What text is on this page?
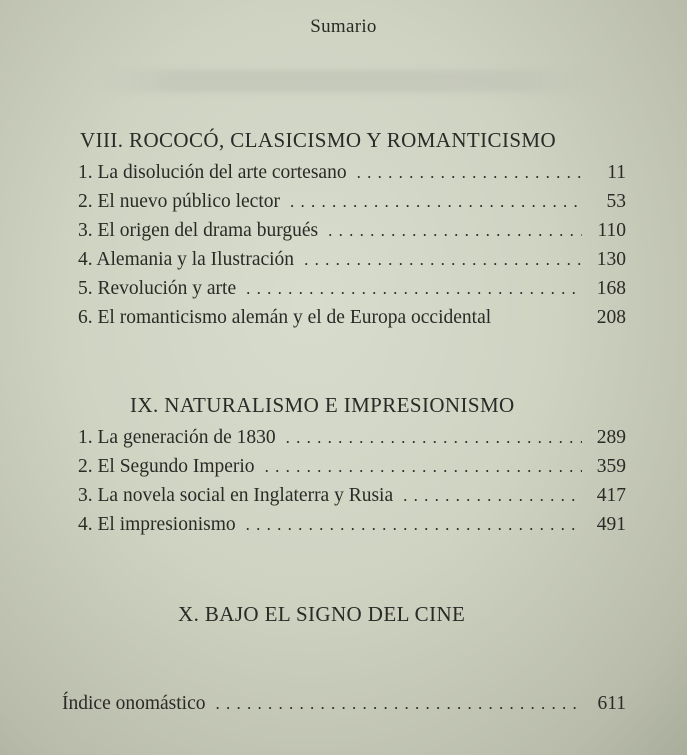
Sumario
VIII. ROCOCÓ, CLASICISMO Y ROMANTICISMO
1. La disolución del arte cortesano . . .	11
2. El nuevo público lector . . .	53
3. El origen del drama burgués . . .	110
4. Alemania y la Ilustración . . .	130
5. Revolución y arte . . .	168
6. El romanticismo alemán y el de Europa occidental	208
IX. NATURALISMO E IMPRESIONISMO
1. La generación de 1830 . . .	289
2. El Segundo Imperio . . .	359
3. La novela social en Inglaterra y Rusia . . .	417
4. El impresionismo . . .	491
X. BAJO EL SIGNO DEL CINE
Índice onomástico . . .	611
